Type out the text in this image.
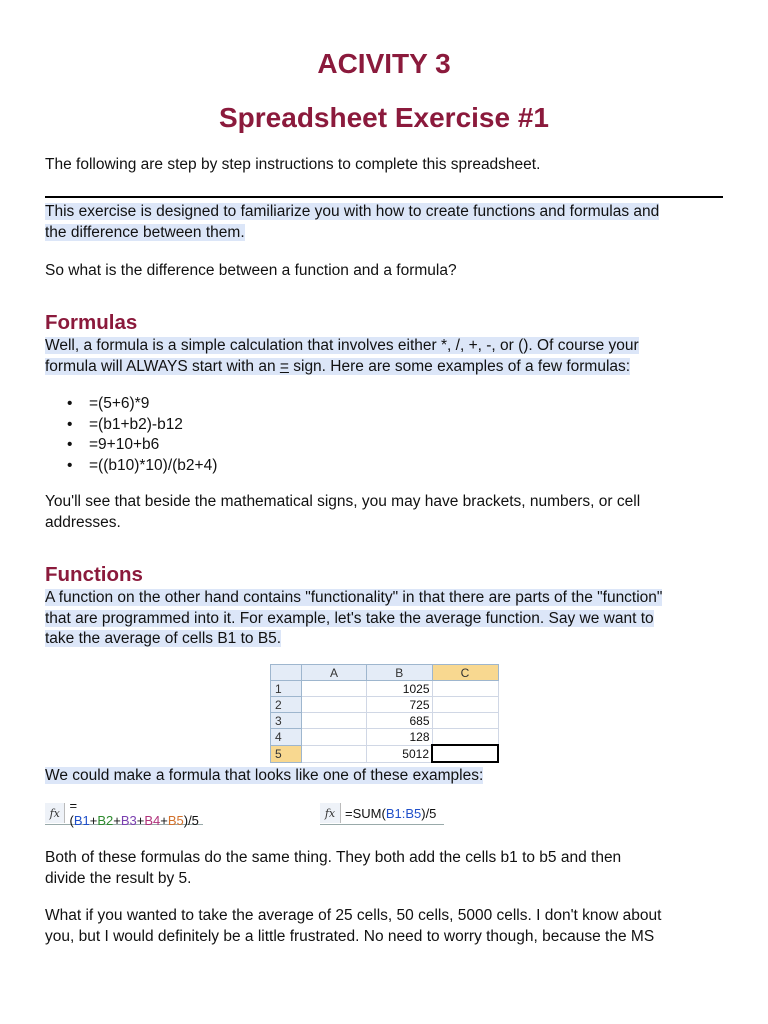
ACIVITY 3
Spreadsheet Exercise #1
The following are step by step instructions to complete this spreadsheet.
This exercise is designed to familiarize you with how to create functions and formulas and
the difference between them.
So what is the difference between a function and a formula?
Formulas
Well, a formula is a simple calculation that involves either *, /, +, -, or (). Of course your
formula will ALWAYS start with an = sign. Here are some examples of a few formulas:
• =(5+6)*9
• =(b1+b2)-b12
• =9+10+b6
• =((b10)*10)/(b2+4)
You'll see that beside the mathematical signs, you may have brackets, numbers, or cell
addresses.
Functions
A function on the other hand contains "functionality" in that there are parts of the "function"
that are programmed into it. For example, let's take the average function. Say we want to
take the average of cells B1 to B5.
	A	B	C
1		1025	
2		725	
3		685	
4		128	
5		5012	
We could make a formula that looks like one of these examples:
fx =(B1+B2+B3+B4+B5)/5	fx =SUM(B1:B5)/5
Both of these formulas do the same thing. They both add the cells b1 to b5 and then
divide the result by 5.
What if you wanted to take the average of 25 cells, 50 cells, 5000 cells. I don't know about
you, but I would definitely be a little frustrated. No need to worry though, because the MS
